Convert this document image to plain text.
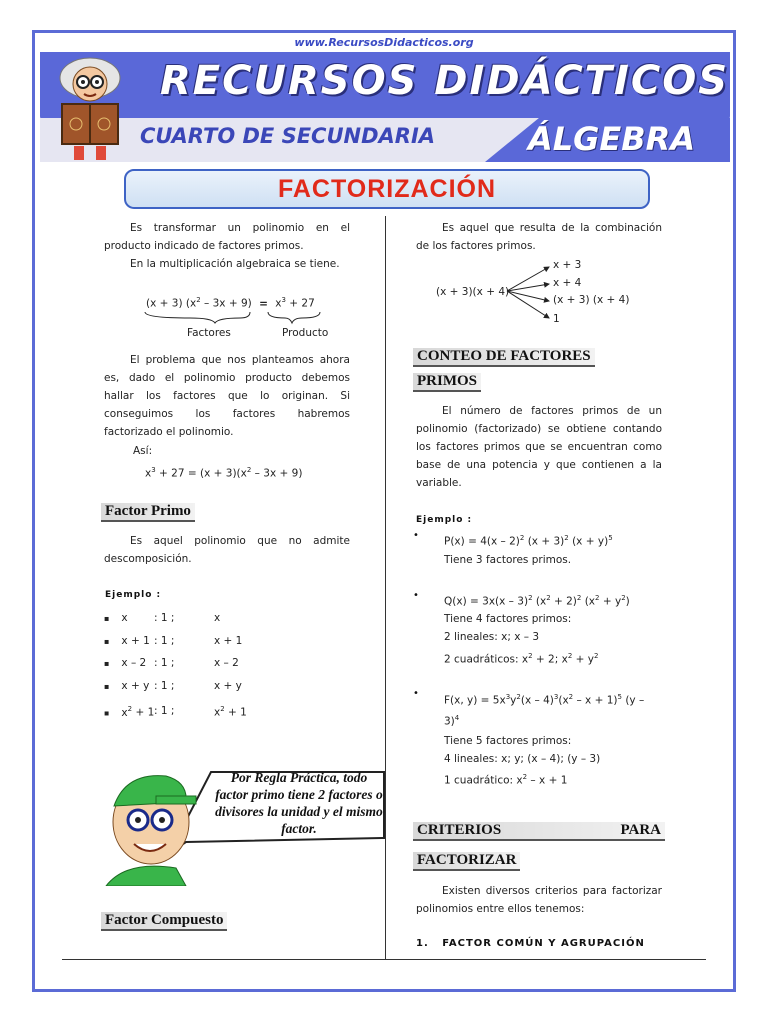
www.RecursosDidacticos.org
RECURSOS DIDÁCTICOS
CUARTO DE SECUNDARIA	ÁLGEBRA
FACTORIZACIÓN

Es transformar un polinomio en el producto indicado de factores primos.

En la multiplicación algebraica se tiene.

(x + 3) $(x^2 - 3x + 9) = x^3 + 27$
Factores	Producto

El problema que nos planteamos ahora es, dado el polinomio producto debemos hallar los factores que lo originan. Si conseguimos los factores habremos factorizado el polinomio.

Así:
$x^3 + 27 = (x + 3)(x^2 - 3x + 9)$
Factor Primo

Es aquel polinomio que no admite descomposición.

Ejemplo :
▪ x	: 1 ;	x
▪ x + 1 : 1 ;	x + 1
▪ x – 2 : 1 ;	x – 2
▪ x + y : 1 ;	x + y
▪ $x^2 + 1$ : 1 ;	$x^2 + 1$
Por Regla Práctica, todo factor primo tiene 2 factores o divisores la unidad y el mismo factor.
Factor Compuesto

Es aquel que resulta de la combinación de los factores primos.

(x + 3)(x + 4)
x + 3
x + 4
(x + 3) (x + 4)
1
CONTEO DE FACTORES
PRIMOS

El número de factores primos de un polinomio (factorizado) se obtiene contando los factores primos que se encuentran como base de una potencia y que contienen a la variable.

Ejemplo :
• P(x) = 4(x – 2)$^2$ $(x + 3)^2$ $(x + y)^5$
Tiene 3 factores primos.
• Q(x) = 3x(x – 3)$^2$ $(x^2 + 2)^2$ $(x^2 + y^2)$
Tiene 4 factores primos:
2 lineales: x; x – 3
2 cuadráticos: $x^2 + 2$; $x^2 + y^2$
•
F(x, $y) = 5x^3y^2(x - 4)^3(x^2 - x + 1)^5$ (y –
3)$^4$
Tiene 5 factores primos:
4 lineales: x; y; (x – 4); (y – 3)
1 cuadrático: $x^2 - x + 1$
CRITERIOS	PARA
FACTORIZAR

Existen diversos criterios para factorizar polinomios entre ellos tenemos:

1. FACTOR COMÚN Y AGRUPACIÓN
